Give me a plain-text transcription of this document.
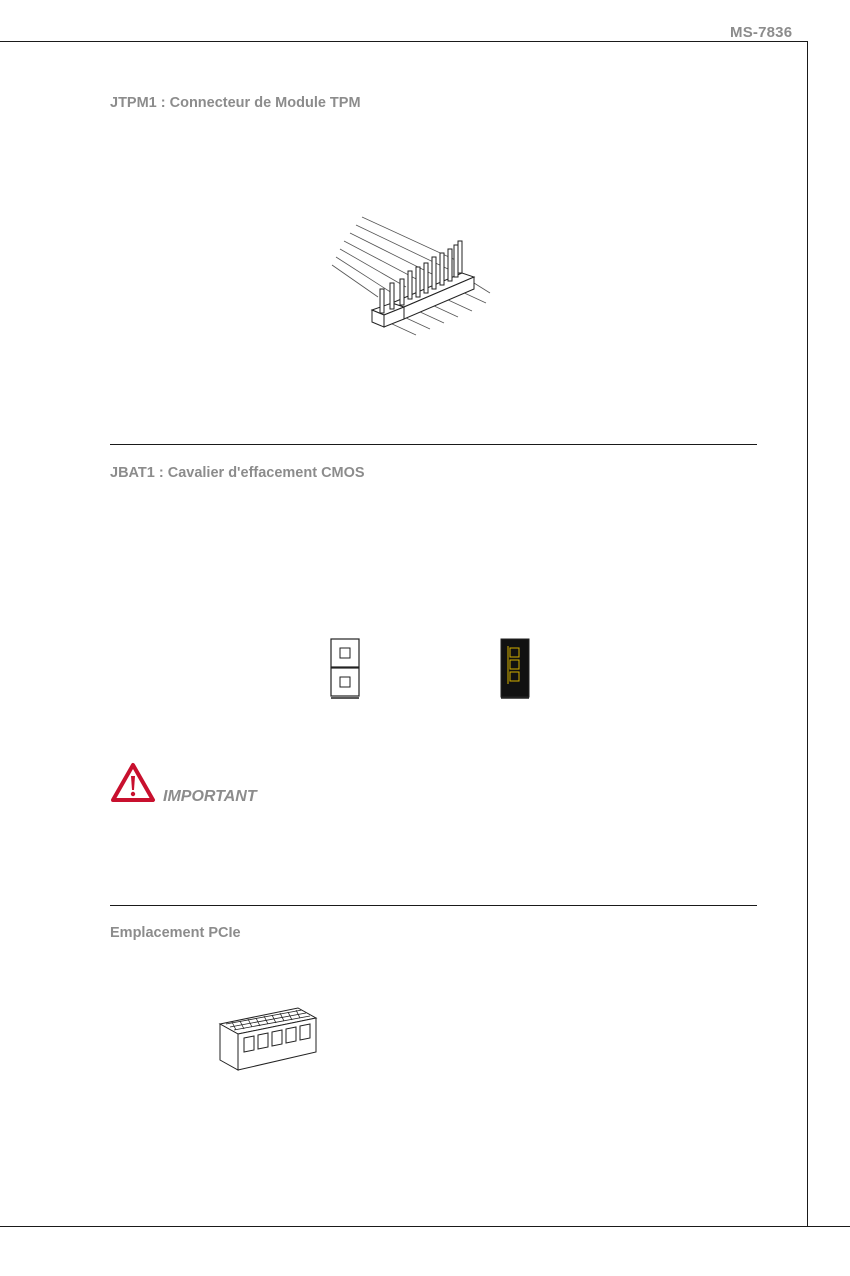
MS-7836
JTPM1 : Connecteur de Module TPM
JBAT1 : Cavalier d'effacement CMOS
IMPORTANT
Emplacement PCIe
